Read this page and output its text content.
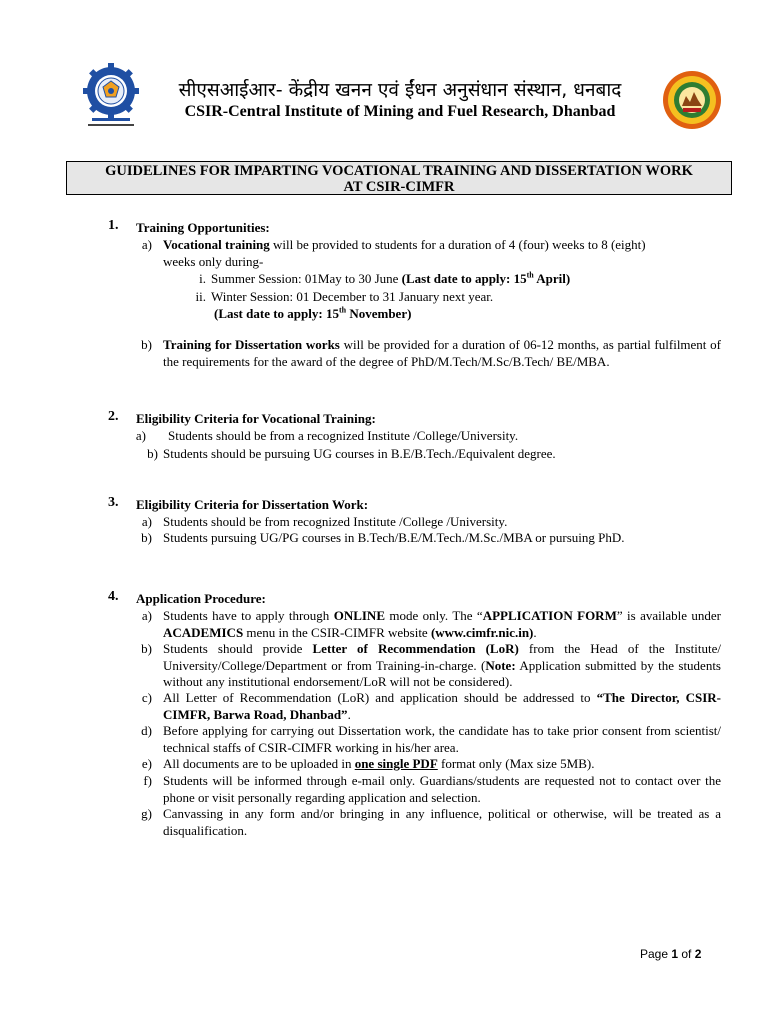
सीएसआईआर- केंद्रीय खनन एवं ईंधन अनुसंधान संस्थान, धनबाद
CSIR-Central Institute of Mining and Fuel Research, Dhanbad
GUIDELINES FOR IMPARTING VOCATIONAL TRAINING AND DISSERTATION WORK
AT CSIR-CIMFR
1. Training Opportunities:
a) Vocational training will be provided to students for a duration of 4 (four) weeks to 8 (eight)
weeks only during-
i. Summer Session: 01May to 30 June (Last date to apply: 15th April)
ii. Winter Session: 01 December to 31 January next year.
(Last date to apply: 15th November)
b) Training for Dissertation works will be provided for a duration of 06-12 months, as partial fulfilment of the requirements for the award of the degree of PhD/M.Tech/M.Sc/B.Tech/ BE/MBA.
2. Eligibility Criteria for Vocational Training:
a) Students should be from a recognized Institute /College/University.
b) Students should be pursuing UG courses in B.E/B.Tech./Equivalent degree.
3. Eligibility Criteria for Dissertation Work:
a) Students should be from recognized Institute /College /University.
b) Students pursuing UG/PG courses in B.Tech/B.E/M.Tech./M.Sc./MBA or pursuing PhD.
4. Application Procedure:
a) Students have to apply through ONLINE mode only. The “APPLICATION FORM” is available under ACADEMICS menu in the CSIR-CIMFR website (www.cimfr.nic.in).
b) Students should provide Letter of Recommendation (LoR) from the Head of the Institute/ University/College/Department or from Training-in-charge. (Note: Application submitted by the students without any institutional endorsement/LoR will not be considered).
c) All Letter of Recommendation (LoR) and application should be addressed to “The Director, CSIR-CIMFR, Barwa Road, Dhanbad”.
d) Before applying for carrying out Dissertation work, the candidate has to take prior consent from scientist/ technical staffs of CSIR-CIMFR working in his/her area.
e) All documents are to be uploaded in one single PDF format only (Max size 5MB).
f) Students will be informed through e-mail only. Guardians/students are requested not to contact over the phone or visit personally regarding application and selection.
g) Canvassing in any form and/or bringing in any influence, political or otherwise, will be treated as a disqualification.
Page 1 of 2
